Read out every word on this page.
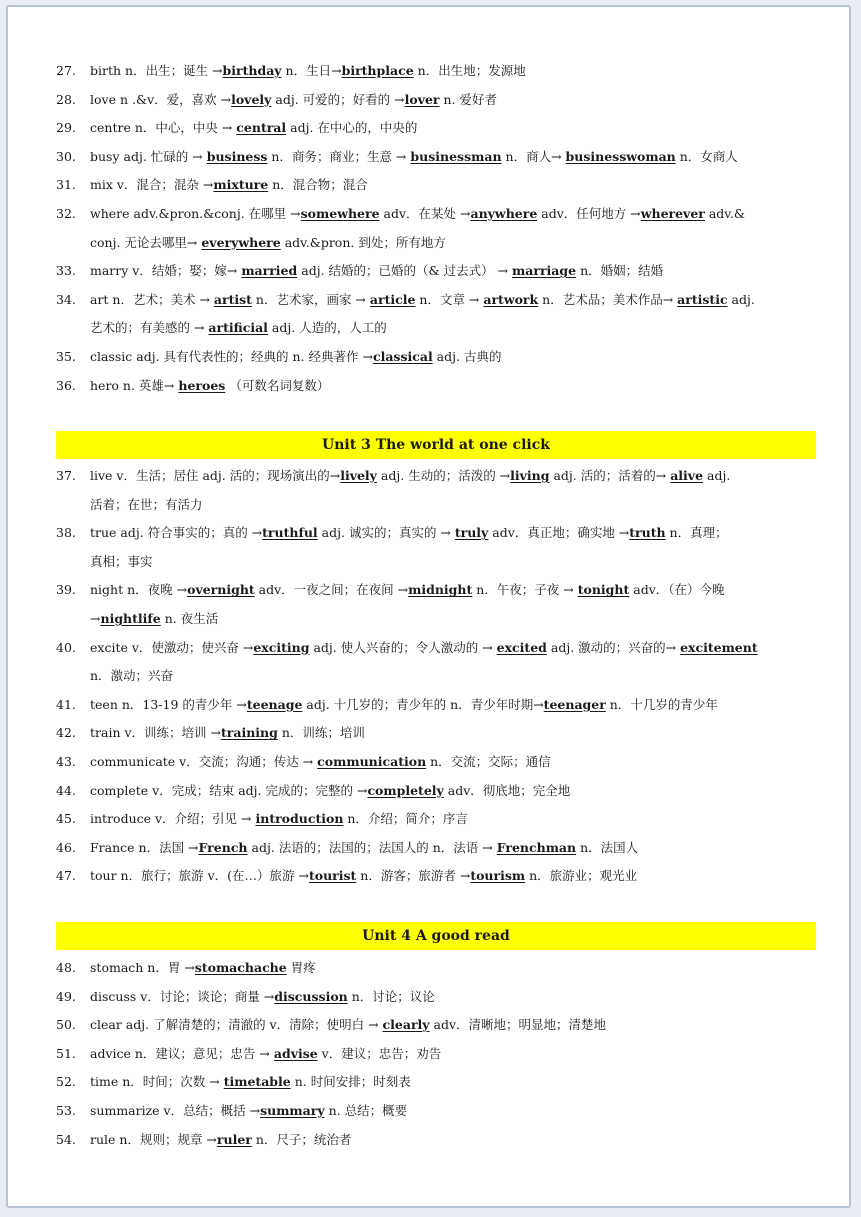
27. birth n．出生；诞生 →birthday n．生日→birthplace n．出生地；发源地
28. love n .&v．爱，喜欢 →lovely adj. 可爱的；好看的 →lover n. 爱好者
29. centre n．中心，中央 → central adj. 在中心的，中央的
30. busy adj. 忙碌的 → business n．商务；商业；生意 → businessman n．商人→ businesswoman n．女商人
31. mix v．混合；混杂 →mixture n．混合物；混合
32. where adv.&pron.&conj. 在哪里 →somewhere adv．在某处 →anywhere adv．任何地方 →wherever adv.&
conj. 无论去哪里→ everywhere adv.&pron. 到处；所有地方
33. marry v．结婚；娶；嫁→ married adj. 结婚的；已婚的（& 过去式） → marriage n．婚姻；结婚
34. art n．艺术；美术 → artist n．艺术家，画家 → article n．文章 → artwork n．艺术品；美术作品→ artistic adj.
艺术的；有美感的 → artificial adj. 人造的，人工的
35. classic adj. 具有代表性的；经典的 n. 经典著作 →classical adj. 古典的
36. hero n. 英雄→ heroes （可数名词复数）
Unit 3 The world at one click
37. live v．生活；居住 adj. 活的；现场演出的→lively adj. 生动的；活泼的 →living adj. 活的；活着的→ alive adj.
活着；在世；有活力
38. true adj. 符合事实的；真的 →truthful adj. 诚实的；真实的 → truly adv．真正地；确实地 →truth n．真理；
真相；事实
39. night n．夜晚 →overnight adv．一夜之间；在夜间 →midnight n．午夜；子夜 → tonight adv．（在）今晚
→nightlife n. 夜生活
40. excite v．使激动；使兴奋 →exciting adj. 使人兴奋的；令人激动的 → excited adj. 激动的；兴奋的→ excitement
n．激动；兴奋
41. teen n．13-19 的青少年 →teenage adj. 十几岁的；青少年的 n．青少年时期→teenager n．十几岁的青少年
42. train v．训练；培训 →training n．训练；培训
43. communicate v．交流；沟通；传达 → communication n．交流；交际；通信
44. complete v．完成；结束 adj. 完成的；完整的 →completely adv．彻底地；完全地
45. introduce v．介绍；引见 → introduction n．介绍；简介；序言
46. France n．法国 →French adj. 法语的；法国的；法国人的 n．法语 → Frenchman n．法国人
47. tour n．旅行；旅游 v．(在…）旅游 →tourist n．游客；旅游者 →tourism n．旅游业；观光业
Unit 4 A good read
48. stomach n．胃 →stomachache 胃疼
49. discuss v．讨论；谈论；商量 →discussion n．讨论；议论
50. clear adj. 了解清楚的；清澈的 v．清除；使明白 → clearly adv．清晰地；明显地；清楚地
51. advice n．建议；意见；忠告 → advise v．建议；忠告；劝告
52. time n．时间；次数 → timetable n. 时间安排；时刻表
53. summarize v．总结；概括 →summary n. 总结；概要
54. rule n．规则；规章 →ruler n．尺子；统治者
